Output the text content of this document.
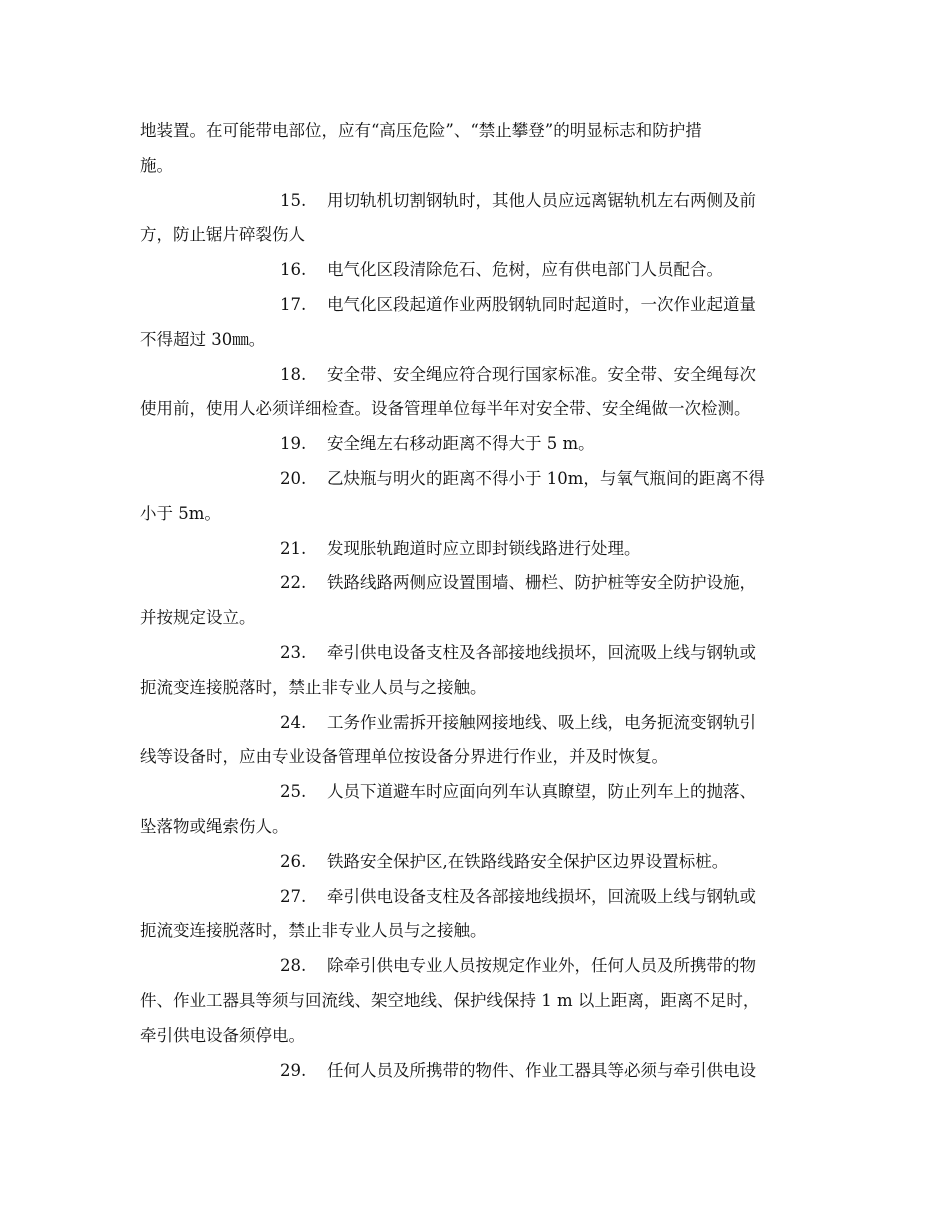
地装置。在可能带电部位，应有“高压危险”、“禁止攀登”的明显标志和防护措
施。
15. 用切轨机切割钢轨时，其他人员应远离锯轨机左右两侧及前
方，防止锯片碎裂伤人
16. 电气化区段清除危石、危树，应有供电部门人员配合。
17. 电气化区段起道作业两股钢轨同时起道时，一次作业起道量
不得超过 30㎜。
18. 安全带、安全绳应符合现行国家标准。安全带、安全绳每次
使用前，使用人必须详细检查。设备管理单位每半年对安全带、安全绳做一次检测。
19. 安全绳左右移动距离不得大于 5 m。
20. 乙炔瓶与明火的距离不得小于 10m，与氧气瓶间的距离不得
小于 5m。
21. 发现胀轨跑道时应立即封锁线路进行处理。
22. 铁路线路两侧应设置围墙、栅栏、防护桩等安全防护设施，
并按规定设立。
23. 牵引供电设备支柱及各部接地线损坏，回流吸上线与钢轨或
扼流变连接脱落时，禁止非专业人员与之接触。
24. 工务作业需拆开接触网接地线、吸上线，电务扼流变钢轨引
线等设备时，应由专业设备管理单位按设备分界进行作业，并及时恢复。
25. 人员下道避车时应面向列车认真瞭望，防止列车上的抛落、
坠落物或绳索伤人。
26. 铁路安全保护区,在铁路线路安全保护区边界设置标桩。
27. 牵引供电设备支柱及各部接地线损坏，回流吸上线与钢轨或
扼流变连接脱落时，禁止非专业人员与之接触。
28. 除牵引供电专业人员按规定作业外，任何人员及所携带的物
件、作业工器具等须与回流线、架空地线、保护线保持 1 m 以上距离，距离不足时，
牵引供电设备须停电。
29. 任何人员及所携带的物件、作业工器具等必须与牵引供电设
